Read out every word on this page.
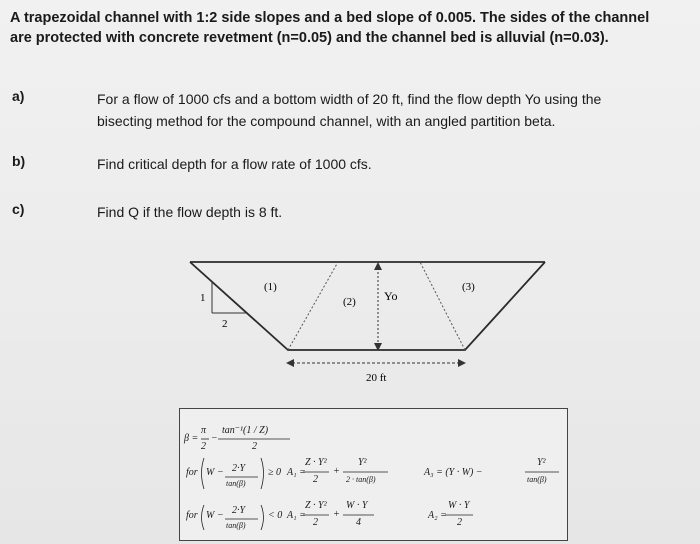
A trapezoidal channel with 1:2 side slopes and a bed slope of 0.005. The sides of the channel
are protected with concrete revetment (n=0.05) and the channel bed is alluvial (n=0.03).
a)	For a flow of 1000 cfs and a bottom width of 20 ft, find the flow depth Yo using the
bisecting method for the compound channel, with an angled partition beta.
b)	Find critical depth for a flow rate of 1000 cfs.
c)	Find Q if the flow depth is 8 ft.
(1)
(2)
(3)
Yo
20 ft
1
2
β =
π
2
−
tan⁻¹(1 / Z)
2
for W − 2·Y
tan(β)
≥ 0 A₁ =
Z · Y²
2
+
Y²
2 · tan(β)
A₃ = (Y · W) −
Y²
tan(β)
for W − 2·Y
tan(β)
< 0 A₁ =
Z · Y²
2
+
W · Y
4
A₂ =
W · Y
2
